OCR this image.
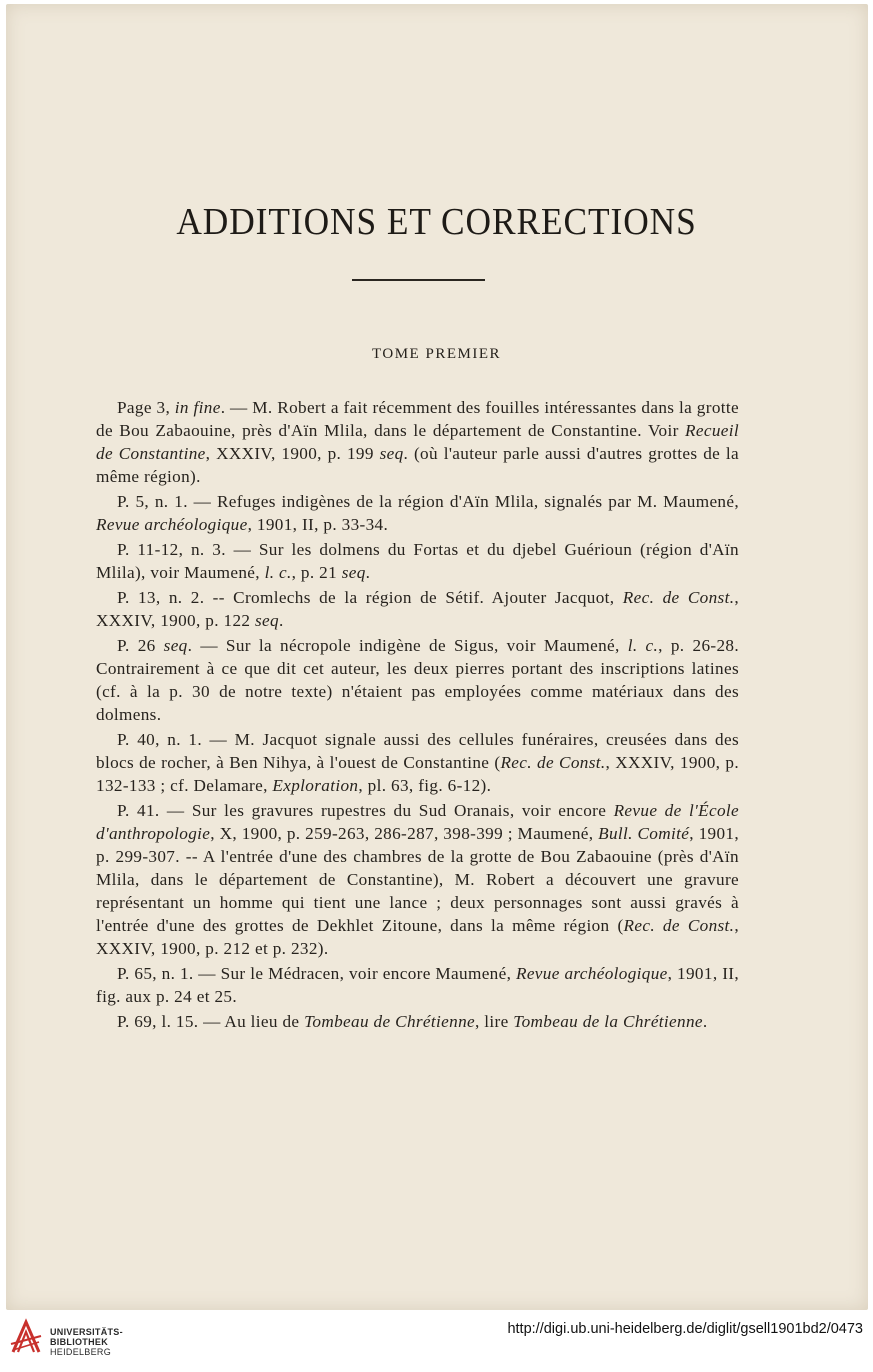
ADDITIONS ET CORRECTIONS
TOME PREMIER

Page 3, in fine. — M. Robert a fait récemment des fouilles intéressantes dans la grotte de Bou Zabaouine, près d'Aïn Mlila, dans le département de Constantine. Voir Recueil de Constantine, XXXIV, 1900, p. 199 seq. (où l'auteur parle aussi d'autres grottes de la même région).

P. 5, n. 1. — Refuges indigènes de la région d'Aïn Mlila, signalés par M. Maumené, Revue archéologique, 1901, II, p. 33-34.

P. 11-12, n. 3. — Sur les dolmens du Fortas et du djebel Guérioun (région d'Aïn Mlila), voir Maumené, l. c., p. 21 seq.

P. 13, n. 2. -- Cromlechs de la région de Sétif. Ajouter Jacquot, Rec. de Const., XXXIV, 1900, p. 122 seq.

P. 26 seq. — Sur la nécropole indigène de Sigus, voir Maumené, l. c., p. 26-28. Contrairement à ce que dit cet auteur, les deux pierres portant des inscriptions latines (cf. à la p. 30 de notre texte) n'étaient pas employées comme matériaux dans des dolmens.

P. 40, n. 1. — M. Jacquot signale aussi des cellules funéraires, creusées dans des blocs de rocher, à Ben Nihya, à l'ouest de Constantine (Rec. de Const., XXXIV, 1900, p. 132-133 ; cf. Delamare, Exploration, pl. 63, fig. 6-12).

P. 41. — Sur les gravures rupestres du Sud Oranais, voir encore Revue de l'École d'anthropologie, X, 1900, p. 259-263, 286-287, 398-399 ; Maumené, Bull. Comité, 1901, p. 299-307. -- A l'entrée d'une des chambres de la grotte de Bou Zabaouine (près d'Aïn Mlila, dans le département de Constantine), M. Robert a découvert une gravure représentant un homme qui tient une lance ; deux personnages sont aussi gravés à l'entrée d'une des grottes de Dekhlet Zitoune, dans la même région (Rec. de Const., XXXIV, 1900, p. 212 et p. 232).

P. 65, n. 1. — Sur le Médracen, voir encore Maumené, Revue archéologique, 1901, II, fig. aux p. 24 et 25.

P. 69, l. 15. — Au lieu de Tombeau de Chrétienne, lire Tombeau de la Chrétienne.

UNIVERSITÄTS-
BIBLIOTHEK
HEIDELBERG
http://digi.ub.uni-heidelberg.de/diglit/gsell1901bd2/0473
